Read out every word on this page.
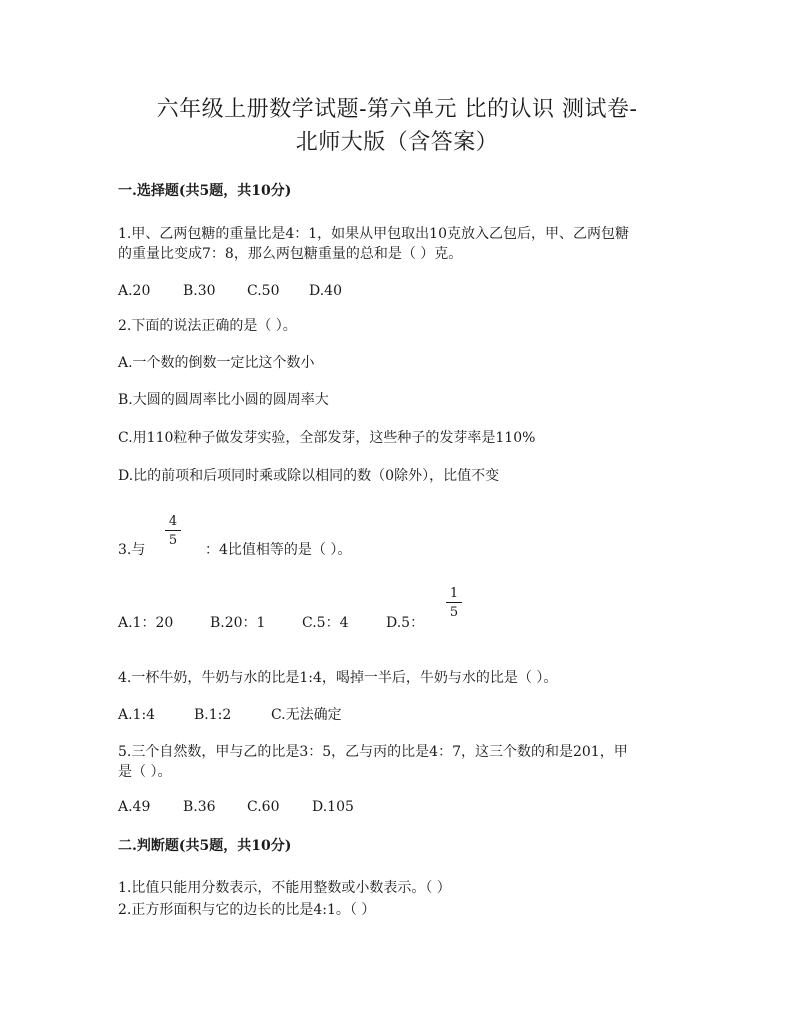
六年级上册数学试题-第六单元 比的认识 测试卷-
北师大版（含答案）
一.选择题(共5题，共10分)
1.甲、乙两包糖的重量比是4：1，如果从甲包取出10克放入乙包后，甲、乙两包糖
的重量比变成7：8，那么两包糖重量的总和是（ ）克。
A.20 B.30 C.50 D.40
2.下面的说法正确的是（ ）。
A.一个数的倒数一定比这个数小
B.大圆的圆周率比小圆的圆周率大
C.用110粒种子做发芽实验，全部发芽，这些种子的发芽率是110%
D.比的前项和后项同时乘或除以相同的数（0除外），比值不变
3.与
4
5
：4比值相等的是（ ）。
A.1：20	B.20：1	C.5：4	D.5：
1
5
4.一杯牛奶，牛奶与水的比是1:4，喝掉一半后，牛奶与水的比是（ ）。
A.1:4	B.1:2	C.无法确定
5.三个自然数，甲与乙的比是3：5，乙与丙的比是4：7，这三个数的和是201，甲
是（ ）。
A.49 B.36 C.60 D.105
二.判断题(共5题，共10分)
1.比值只能用分数表示，不能用整数或小数表示。（ ）
2.正方形面积与它的边长的比是4:1。（ ）
